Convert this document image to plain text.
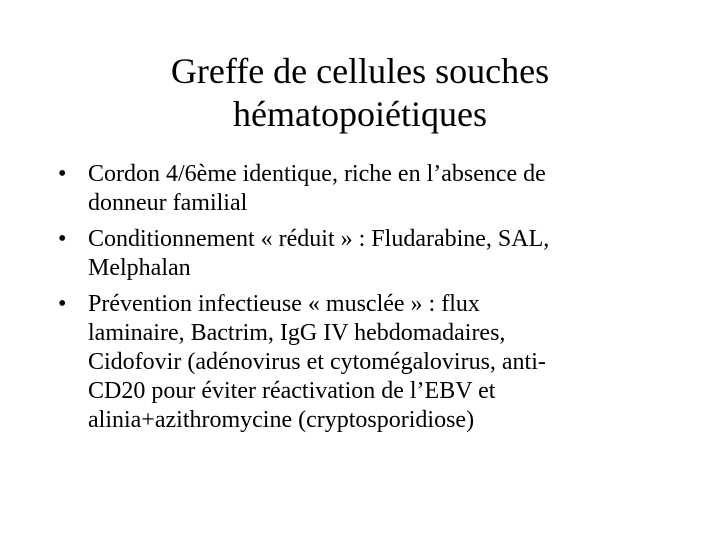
Greffe de cellules souches
hématopoiétiques
• Cordon 4/6ème identique, riche en l’absence de
donneur familial
• Conditionnement « réduit » : Fludarabine, SAL,
Melphalan
• Prévention infectieuse « musclée » : flux
laminaire, Bactrim, IgG IV hebdomadaires,
Cidofovir (adénovirus et cytomégalovirus, anti-
CD20 pour éviter réactivation de l’EBV et
alinia+azithromycine (cryptosporidiose)
